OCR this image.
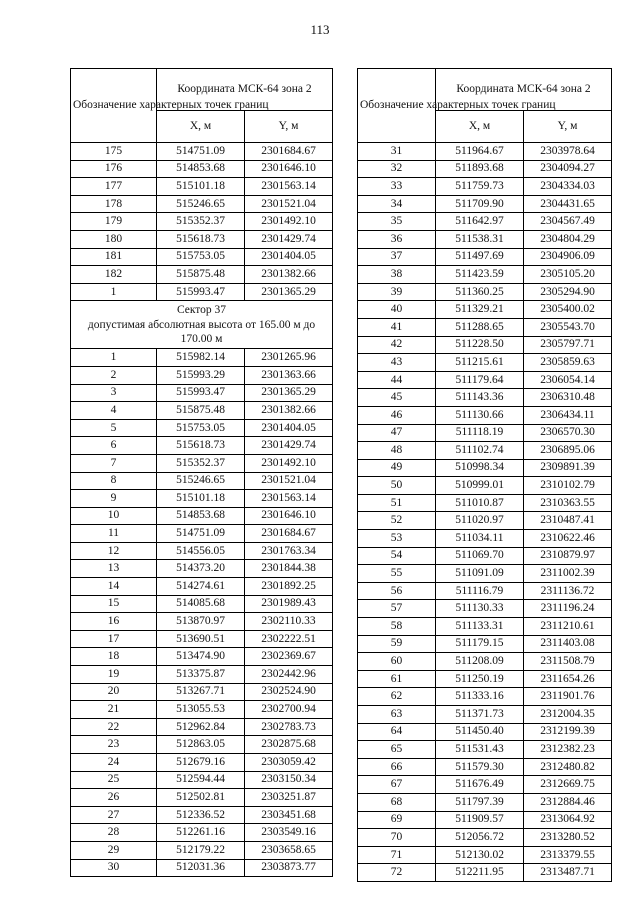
113
Обозначение характерных точек границ	Координата МСК-64 зона 2	
	X, м	Y, м
175	514751.09	2301684.67
176	514853.68	2301646.10
177	515101.18	2301563.14
178	515246.65	2301521.04
179	515352.37	2301492.10
180	515618.73	2301429.74
181	515753.05	2301404.05
182	515875.48	2301382.66
1	515993.47	2301365.29

Сектор 37
допустимая абсолютная высота от 165.00 м до 170.00 м		

1	515982.14	2301265.96
2	515993.29	2301363.66
3	515993.47	2301365.29
4	515875.48	2301382.66
5	515753.05	2301404.05
6	515618.73	2301429.74
7	515352.37	2301492.10
8	515246.65	2301521.04
9	515101.18	2301563.14
10	514853.68	2301646.10
11	514751.09	2301684.67
12	514556.05	2301763.34
13	514373.20	2301844.38
14	514274.61	2301892.25
15	514085.68	2301989.43
16	513870.97	2302110.33
17	513690.51	2302222.51
18	513474.90	2302369.67
19	513375.87	2302442.96
20	513267.71	2302524.90
21	513055.53	2302700.94
22	512962.84	2302783.73
23	512863.05	2302875.68
24	512679.16	2303059.42
25	512594.44	2303150.34
26	512502.81	2303251.87
27	512336.52	2303451.68
28	512261.16	2303549.16
29	512179.22	2303658.65
30	512031.36	2303873.77
Обозначение характерных точек границ	Координата МСК-64 зона 2	
	X, м	Y, м
31	511964.67	2303978.64
32	511893.68	2304094.27
33	511759.73	2304334.03
34	511709.90	2304431.65
35	511642.97	2304567.49
36	511538.31	2304804.29
37	511497.69	2304906.09
38	511423.59	2305105.20
39	511360.25	2305294.90
40	511329.21	2305400.02
41	511288.65	2305543.70
42	511228.50	2305797.71
43	511215.61	2305859.63
44	511179.64	2306054.14
45	511143.36	2306310.48
46	511130.66	2306434.11
47	511118.19	2306570.30
48	511102.74	2306895.06
49	510998.34	2309891.39
50	510999.01	2310102.79
51	511010.87	2310363.55
52	511020.97	2310487.41
53	511034.11	2310622.46
54	511069.70	2310879.97
55	511091.09	2311002.39
56	511116.79	2311136.72
57	511130.33	2311196.24
58	511133.31	2311210.61
59	511179.15	2311403.08
60	511208.09	2311508.79
61	511250.19	2311654.26
62	511333.16	2311901.76
63	511371.73	2312004.35
64	511450.40	2312199.39
65	511531.43	2312382.23
66	511579.30	2312480.82
67	511676.49	2312669.75
68	511797.39	2312884.46
69	511909.57	2313064.92
70	512056.72	2313280.52
71	512130.02	2313379.55
72	512211.95	2313487.71
